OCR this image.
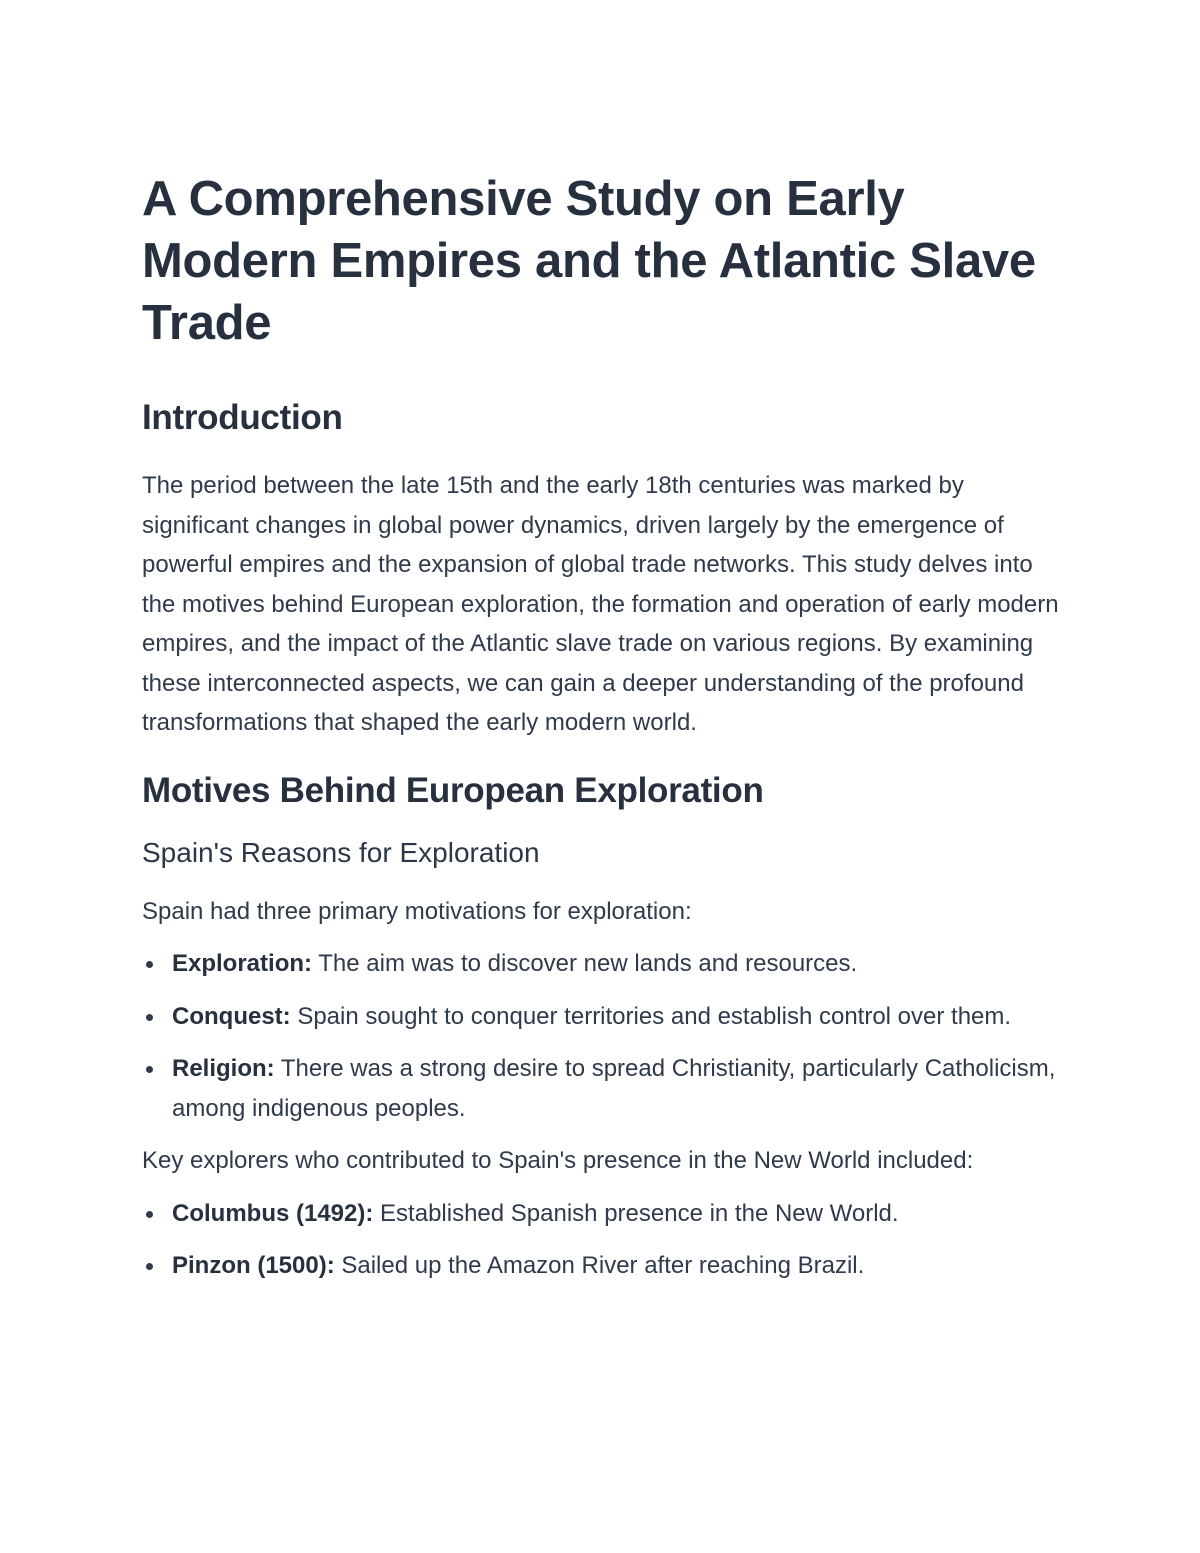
A Comprehensive Study on Early Modern Empires and the Atlantic Slave Trade
Introduction

The period between the late 15th and the early 18th centuries was marked by significant changes in global power dynamics, driven largely by the emergence of powerful empires and the expansion of global trade networks. This study delves into the motives behind European exploration, the formation and operation of early modern empires, and the impact of the Atlantic slave trade on various regions. By examining these interconnected aspects, we can gain a deeper understanding of the profound transformations that shaped the early modern world.

Motives Behind European Exploration
Spain's Reasons for Exploration

Spain had three primary motivations for exploration:

Exploration: The aim was to discover new lands and resources.
Conquest: Spain sought to conquer territories and establish control over them.
Religion: There was a strong desire to spread Christianity, particularly Catholicism, among indigenous peoples.

Key explorers who contributed to Spain's presence in the New World included:

Columbus (1492): Established Spanish presence in the New World.
Pinzon (1500): Sailed up the Amazon River after reaching Brazil.
